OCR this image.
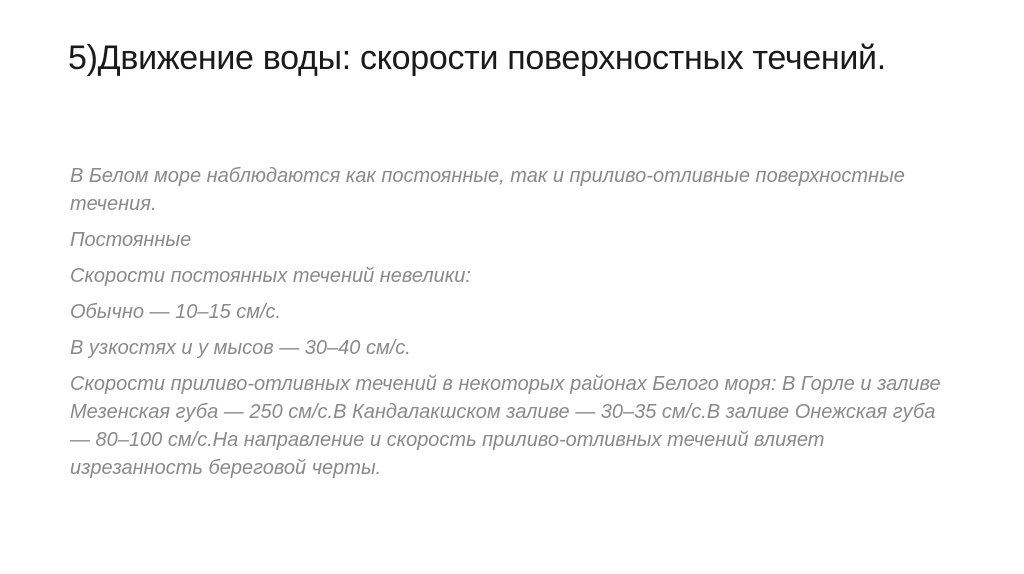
5)Движение воды: скорости поверхностных течений.

В Белом море наблюдаются как постоянные, так и приливо-отливные поверхностные течения.

Постоянные

Скорости постоянных течений невелики:

Обычно — 10–15 см/с.

В узкостях и у мысов — 30–40 см/с.

Скорости приливо-отливных течений в некоторых районах Белого моря: В Горле и заливе Мезенская губа — 250 см/с.В Кандалакшском заливе — 30–35 см/с.В заливе Онежская губа — 80–100 см/с.На направление и скорость приливо-отливных течений влияет изрезанность береговой черты.
